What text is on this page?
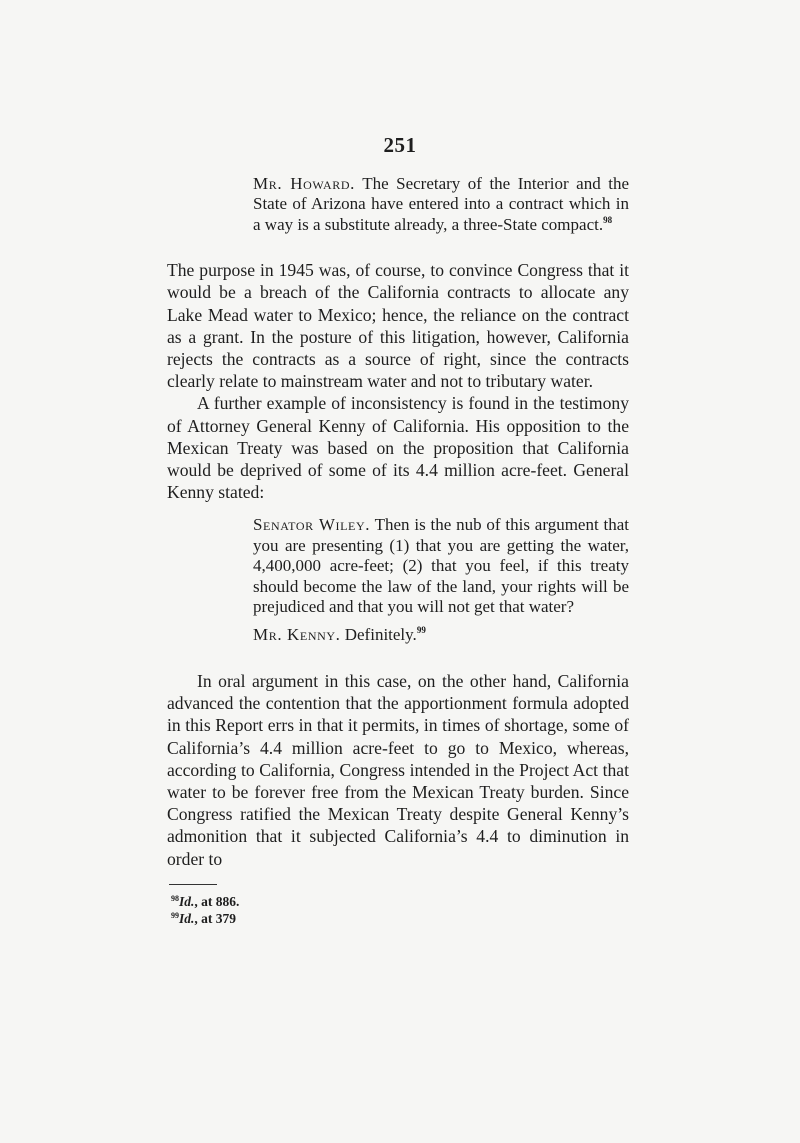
251

Mr. Howard. The Secretary of the Interior and the State of Arizona have entered into a contract which in a way is a substitute already, a three-State compact.$^{98}$

The purpose in 1945 was, of course, to convince Congress that it would be a breach of the California contracts to allocate any Lake Mead water to Mexico; hence, the reliance on the contract as a grant. In the posture of this litigation, however, California rejects the contracts as a source of right, since the contracts clearly relate to mainstream water and not to tributary water.

A further example of inconsistency is found in the testimony of Attorney General Kenny of California. His opposition to the Mexican Treaty was based on the proposition that California would be deprived of some of its 4.4 million acre-feet. General Kenny stated:

Senator Wiley. Then is the nub of this argument that you are presenting (1) that you are getting the water, 4,400,000 acre-feet; (2) that you feel, if this treaty should become the law of the land, your rights will be prejudiced and that you will not get that water?

Mr. Kenny. Definitely.$^{99}$

In oral argument in this case, on the other hand, California advanced the contention that the apportionment formula adopted in this Report errs in that it permits, in times of shortage, some of California’s 4.4 million acre-feet to go to Mexico, whereas, according to California, Congress intended in the Project Act that water to be forever free from the Mexican Treaty burden. Since Congress ratified the Mexican Treaty despite General Kenny’s admonition that it subjected California’s 4.4 to diminution in order to

$^{98}$Id., at 886.
$^{99}$Id., at 379
